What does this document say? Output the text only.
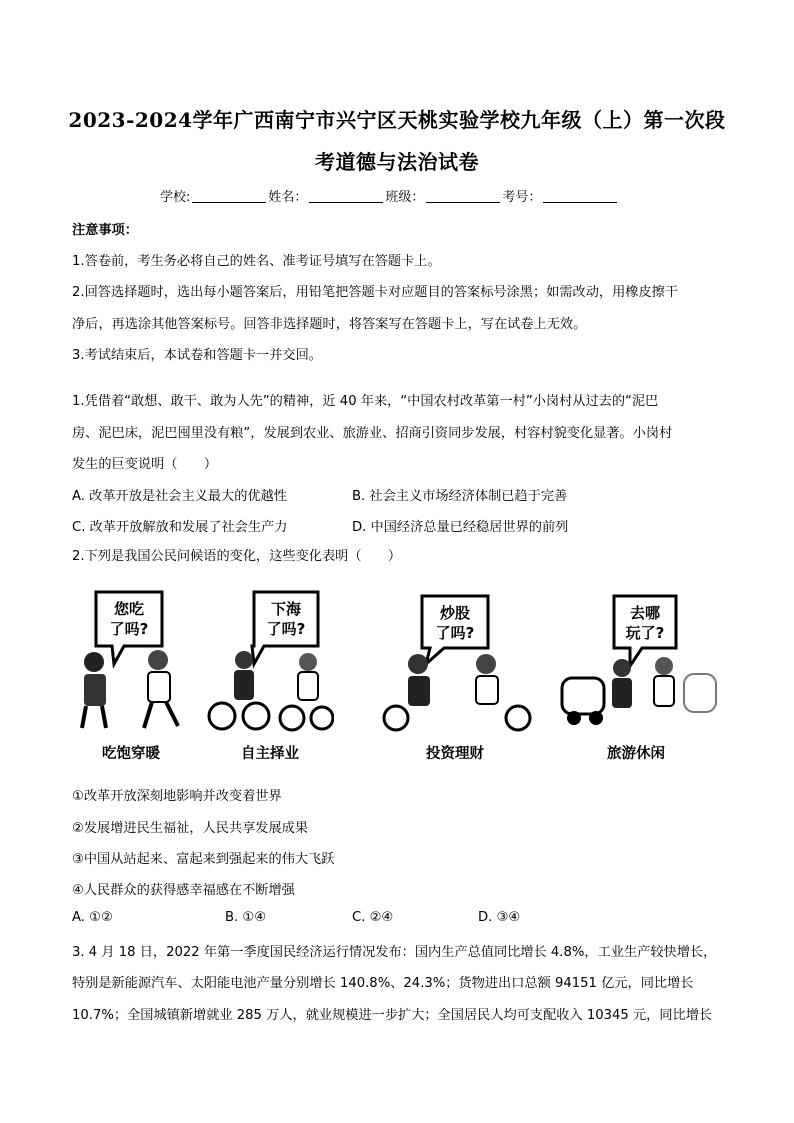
2023-2024学年广西南宁市兴宁区天桃实验学校九年级（上）第一次段
考道德与法治试卷
学校:	姓名：	班级：	考号：
注意事项：
1.答卷前，考生务必将自己的姓名、准考证号填写在答题卡上。
2.回答选择题时，选出每小题答案后，用铅笔把答题卡对应题目的答案标号涂黑；如需改动，用橡皮擦干
净后，再选涂其他答案标号。回答非选择题时，将答案写在答题卡上，写在试卷上无效。
3.考试结束后，本试卷和答题卡一并交回。
1.凭借着“敢想、敢干、敢为人先”的精神，近 40 年来，“中国农村改革第一村”小岗村从过去的“泥巴
房、泥巴床，泥巴囤里没有粮”，发展到农业、旅游业、招商引资同步发展，村容村貌变化显著。小岗村
发生的巨变说明（　　）
A. 改革开放是社会主义最大的优越性	B. 社会主义市场经济体制已趋于完善
C. 改革开放解放和发展了社会生产力	D. 中国经济总量已经稳居世界的前列
2.下列是我国公民问候语的变化，这些变化表明（　　）
您吃
了吗?
下海
了吗?
炒股
了吗?
去哪
玩了?
吃饱穿暖	自主择业	投资理财	旅游休闲
①改革开放深刻地影响并改变着世界
②发展增进民生福祉，人民共享发展成果
③中国从站起来、富起来到强起来的伟大飞跃
④人民群众的获得感幸福感在不断增强
A. ①②	B. ①④	C. ②④	D. ③④
3. 4 月 18 日，2022 年第一季度国民经济运行情况发布：国内生产总值同比增长 4.8%，工业生产较快增长，
特别是新能源汽车、太阳能电池产量分别增长 140.8%、24.3%；货物进出口总额 94151 亿元，同比增长
10.7%；全国城镇新增就业 285 万人，就业规模进一步扩大；全国居民人均可支配收入 10345 元，同比增长
